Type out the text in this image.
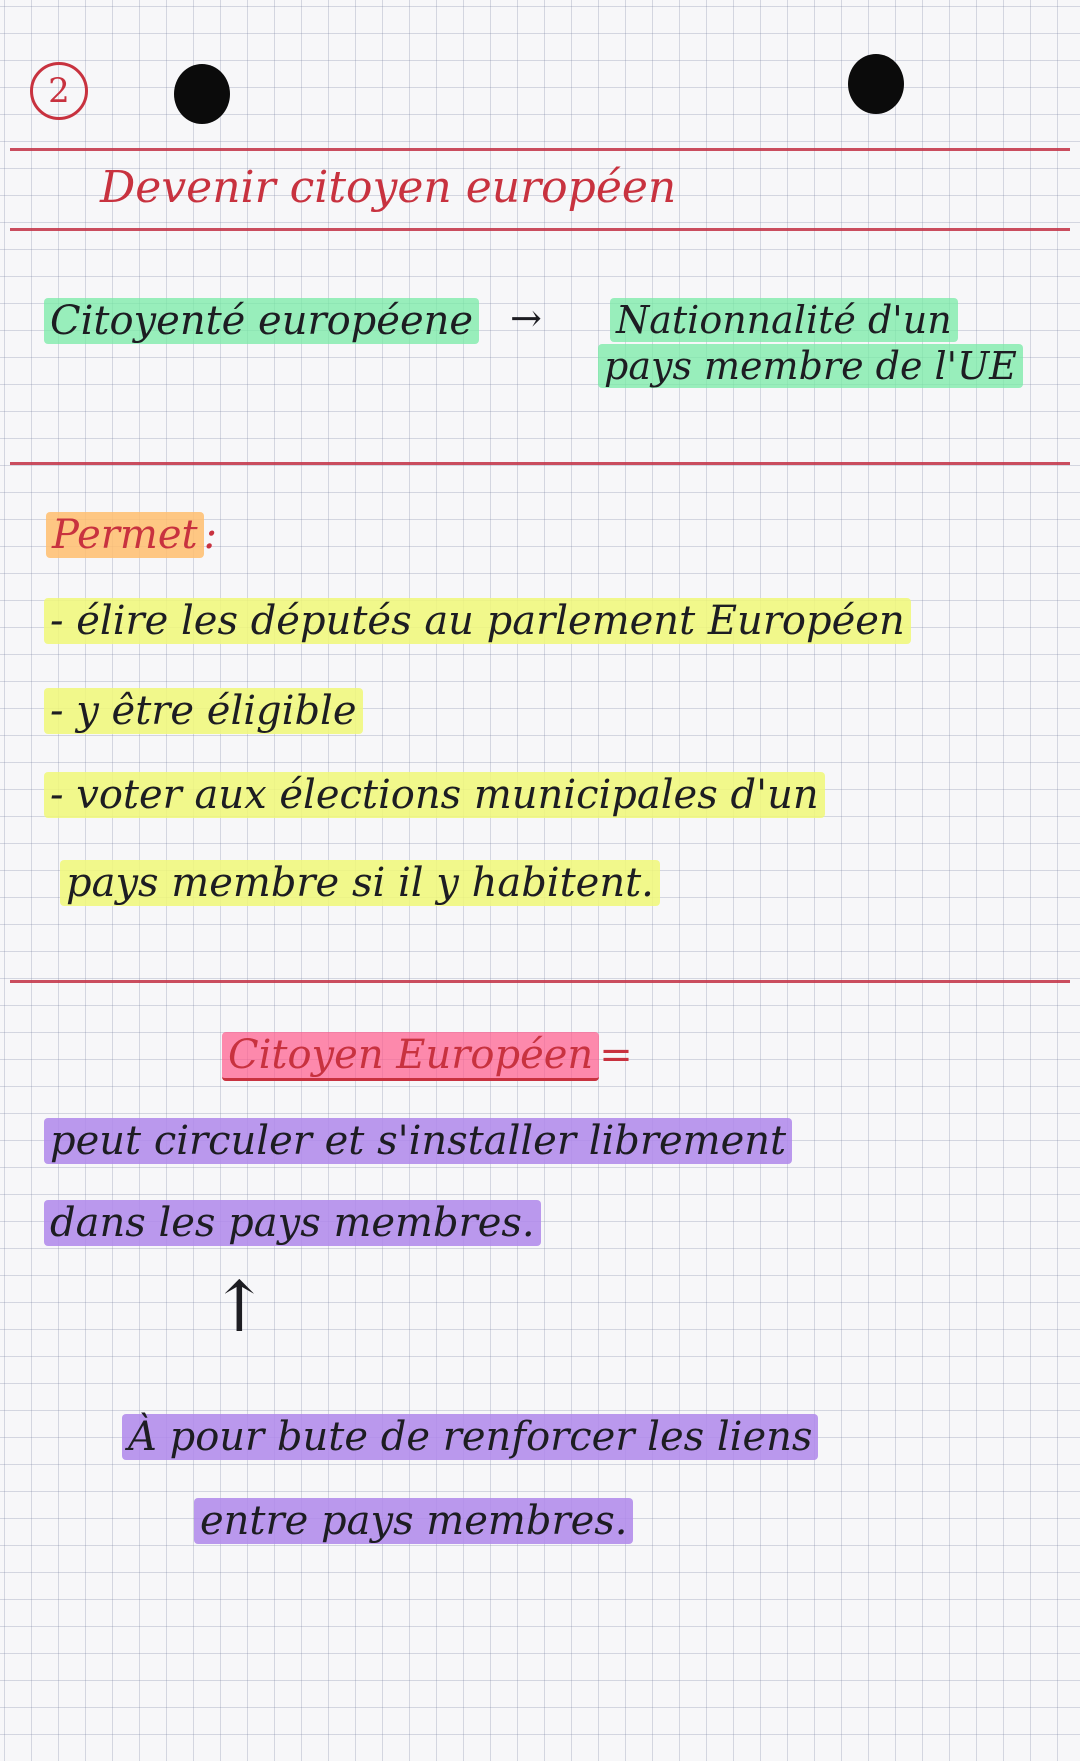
2
Devenir citoyen européen
Citoyenté européene → Nationnalité d'un
pays membre de l'UE
Permet :
- élire les députés au parlement Européen
- y être éligible
- voter aux élections municipales d'un
pays membre si il y habitent.
Citoyen Européen =
peut circuler et s'installer librement
dans les pays membres.
↑
À pour bute de renforcer les liens
entre pays membres.
